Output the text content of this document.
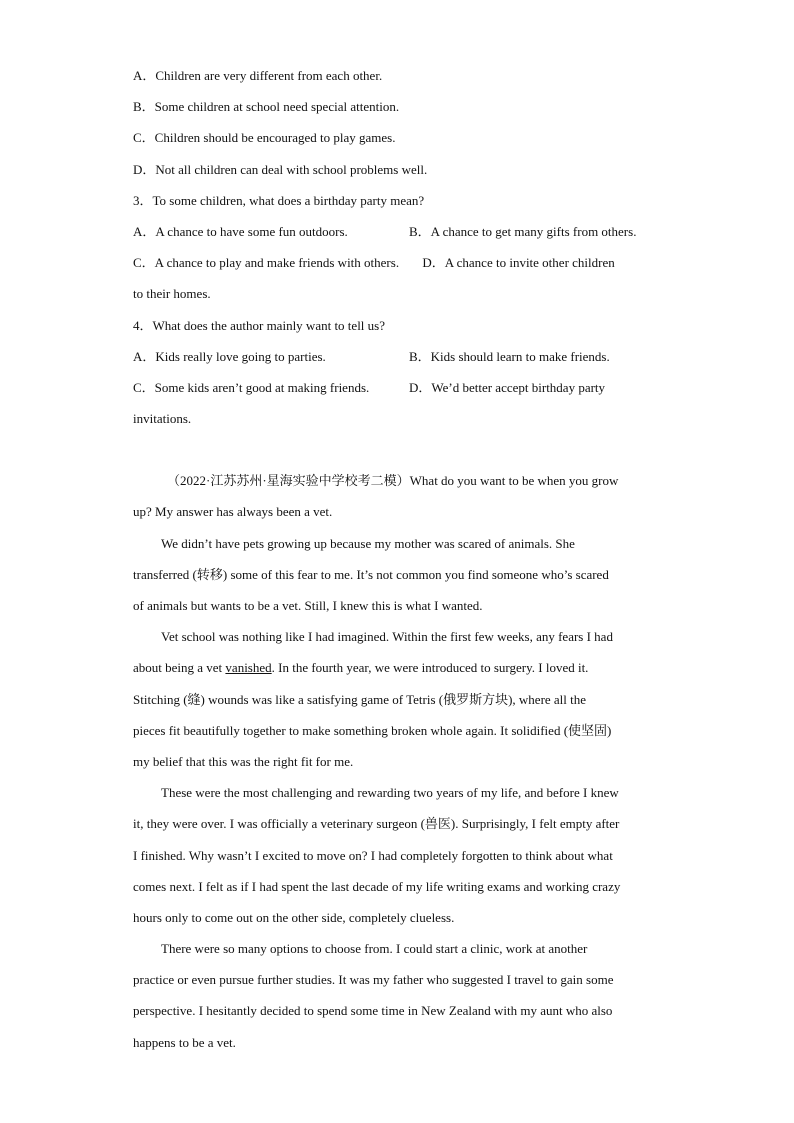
A．Children are very different from each other.
B．Some children at school need special attention.
C．Children should be encouraged to play games.
D．Not all children can deal with school problems well.
3．To some children, what does a birthday party mean?
A．A chance to have some fun outdoors.	B．A chance to get many gifts from others.
C．A chance to play and make friends with others. D．A chance to invite other children
to their homes.
4．What does the author mainly want to tell us?
A．Kids really love going to parties.	B．Kids should learn to make friends.
C．Some kids aren’t good at making friends.	D．We’d better accept birthday party
invitations.
（2022·江苏苏州·星海实验中学校考二模）What do you want to be when you grow
up? My answer has always been a vet.
We didn’t have pets growing up because my mother was scared of animals. She
transferred (转移) some of this fear to me. It’s not common you find someone who’s scared
of animals but wants to be a vet. Still, I knew this is what I wanted.
Vet school was nothing like I had imagined. Within the first few weeks, any fears I had
about being a vet vanished. In the fourth year, we were introduced to surgery. I loved it.
Stitching (缝) wounds was like a satisfying game of Tetris (俄罗斯方块), where all the
pieces fit beautifully together to make something broken whole again. It solidified (使坚固)
my belief that this was the right fit for me.
These were the most challenging and rewarding two years of my life, and before I knew
it, they were over. I was officially a veterinary surgeon (兽医). Surprisingly, I felt empty after
I finished. Why wasn’t I excited to move on? I had completely forgotten to think about what
comes next. I felt as if I had spent the last decade of my life writing exams and working crazy
hours only to come out on the other side, completely clueless.
There were so many options to choose from. I could start a clinic, work at another
practice or even pursue further studies. It was my father who suggested I travel to gain some
perspective. I hesitantly decided to spend some time in New Zealand with my aunt who also
happens to be a vet.
